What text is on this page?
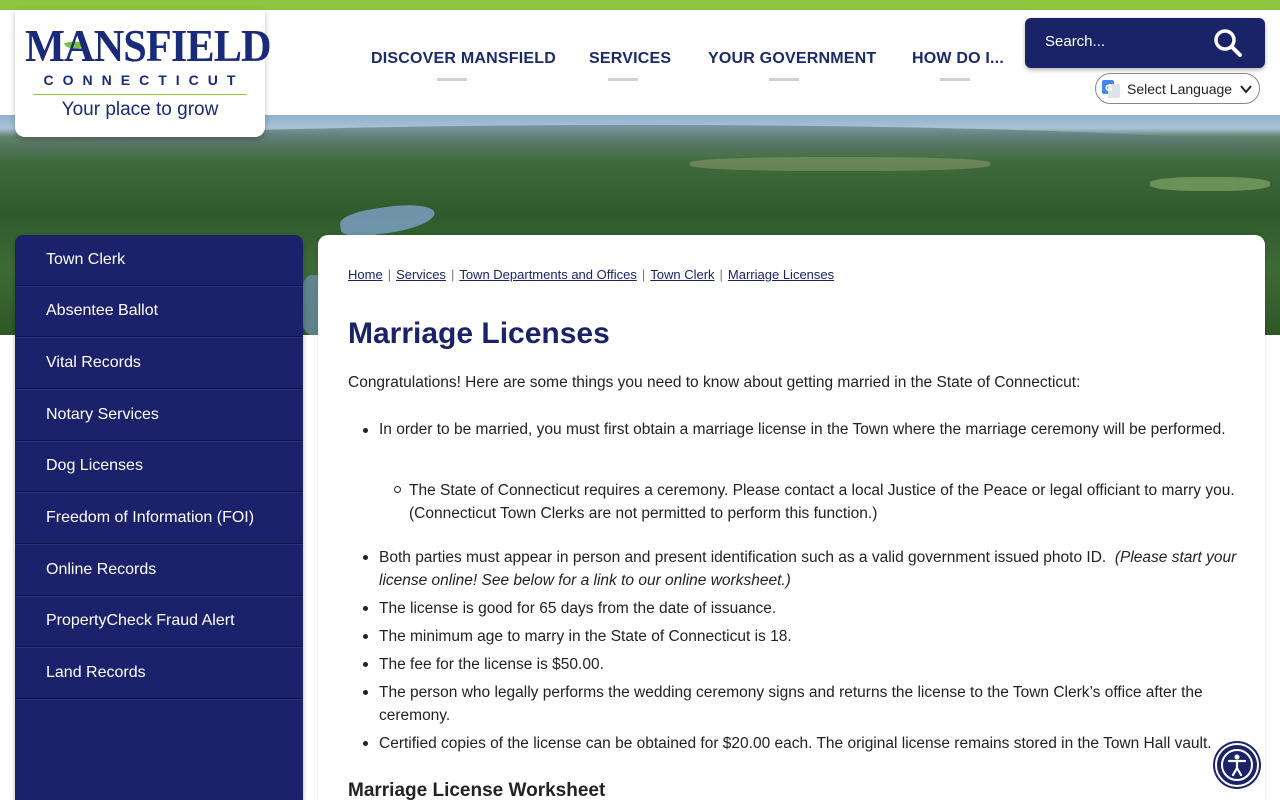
MANSFIELD
CONNECTICUT
Your place to grow
DISCOVER MANSFIELD SERVICES YOUR GOVERNMENT HOW DO I...
Search...
G Select Language
Town Clerk
Absentee Ballot
Vital Records
Notary Services
Dog Licenses
Freedom of Information (FOI)
Online Records
PropertyCheck Fraud Alert
Land Records
Home | Services | Town Departments and Offices | Town Clerk | Marriage Licenses
Marriage Licenses

Congratulations! Here are some things you need to know about getting married in the State of Connecticut:

In order to be married, you must first obtain a marriage license in the Town where the marriage ceremony will be performed.
The State of Connecticut requires a ceremony. Please contact a local Justice of the Peace or legal officiant to marry you. (Connecticut Town Clerks are not permitted to perform this function.)
Both parties must appear in person and present identification such as a valid government issued photo ID. (Please start your license online! See below for a link to our online worksheet.)
The license is good for 65 days from the date of issuance.
The minimum age to marry in the State of Connecticut is 18.
The fee for the license is $50.00.
The person who legally performs the wedding ceremony signs and returns the license to the Town Clerk’s office after the ceremony.
Certified copies of the license can be obtained for $20.00 each. The original license remains stored in the Town Hall vault.
Marriage License Worksheet
